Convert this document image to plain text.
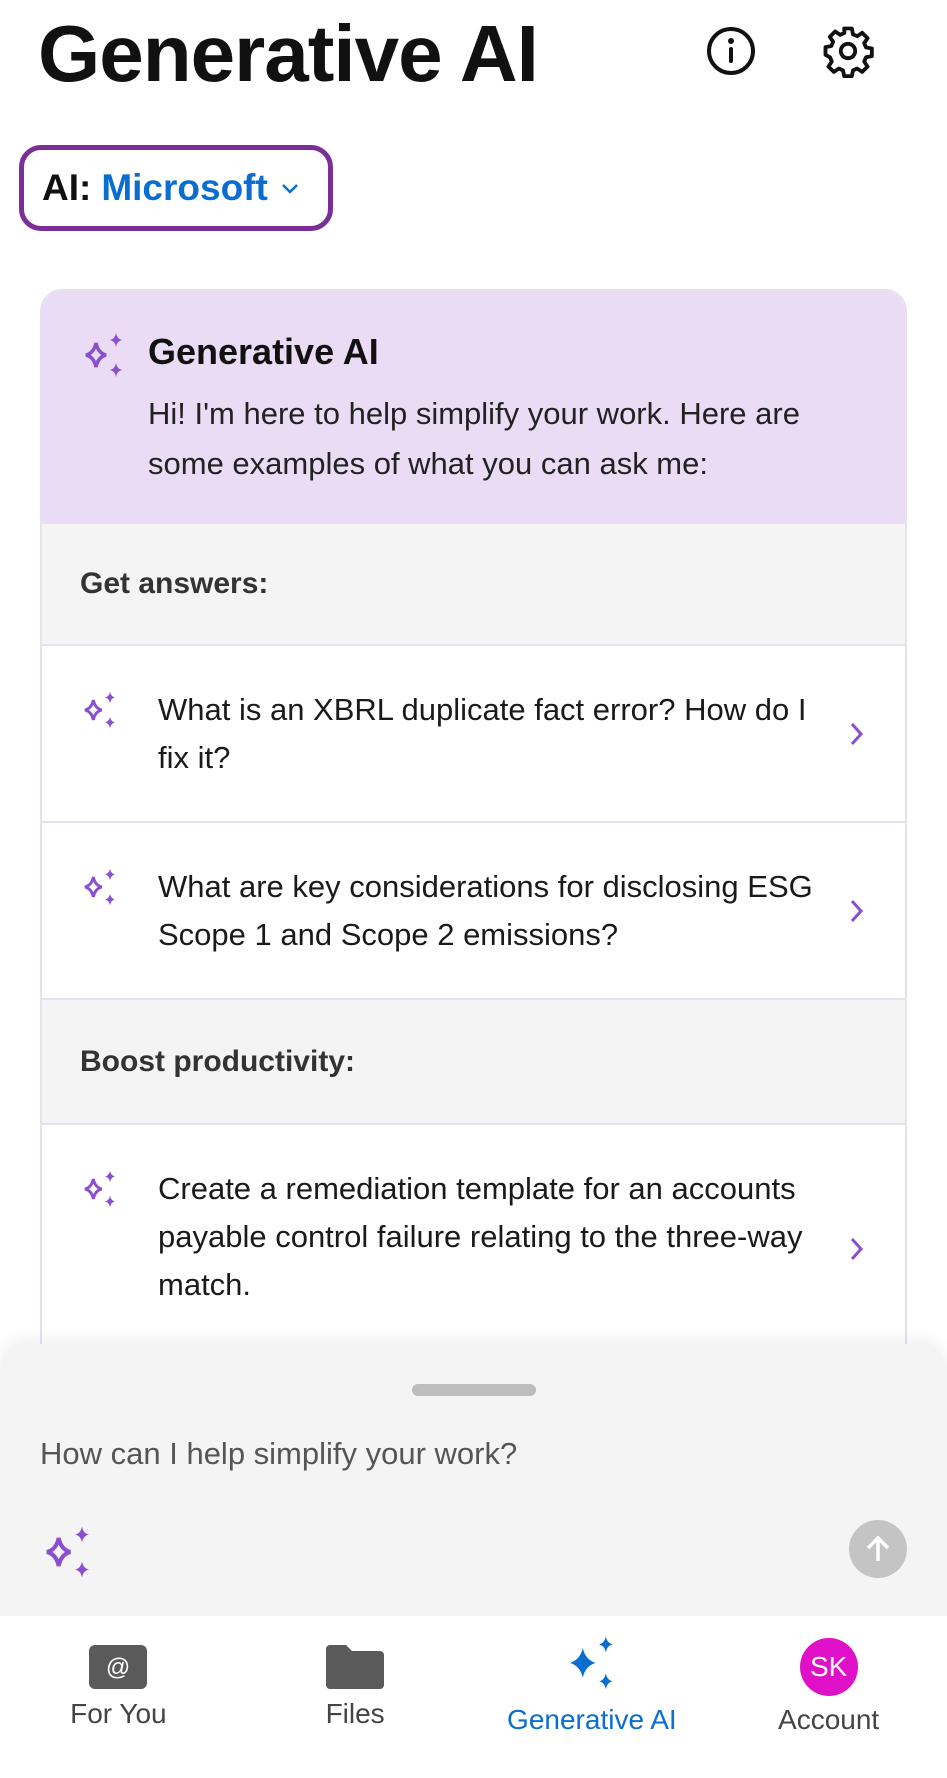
Generative AI
AI: Microsoft
Generative AI
Hi! I'm here to help simplify your work. Here are some examples of what you can ask me:
Get answers:
What is an XBRL duplicate fact error? How do I fix it?
What are key considerations for disclosing ESG Scope 1 and Scope 2 emissions?
Boost productivity:
Create a remediation template for an accounts payable control failure relating to the three-way match.
How can I help simplify your work?
@
For You	Files	Generative AI
SK
Account
